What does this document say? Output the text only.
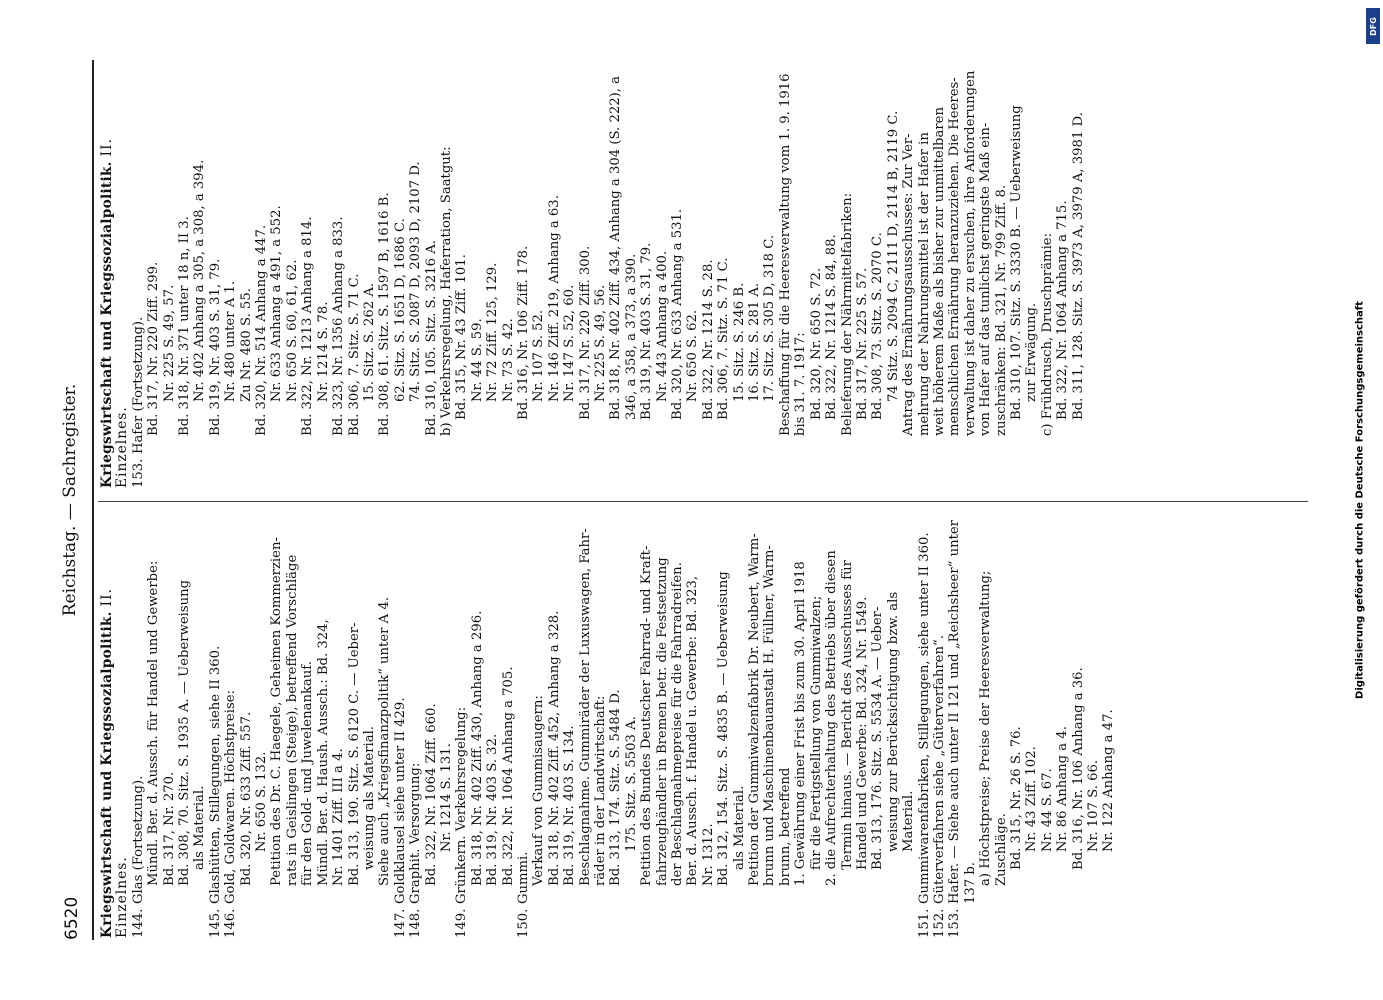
6520
Reichstag. — Sachregister.
Kriegswirtschaft und Kriegssozialpolitik. II. Einzelnes. 144.
Glas (Fortsetzung). Mündl. Ber. d. Aussch. für Handel und Gewerbe: Bd. 317, Nr. 270. Bd. 308, 70. Sitz. S. 1935 A. — Ueberweisung als Material.
145.
Glashütten, Stillegungen, siehe II 360.
146.
Gold, Goldwaren. Höchstpreise: Bd. 320, Nr. 633 Ziff. 557. Nr. 650 S. 132. Petition des Dr. C. Haegele, Geheimen Kommerzien- rats in Geislingen (Steige), betreffend Vorschläge für den Gold- und Juwelenankauf. Mündl. Ber. d. Haush. Aussch.: Bd. 324, Nr. 1401 Ziff. III a 4. Bd. 313, 190. Sitz. S. 6120 C. — Ueber- weisung als Material. Siehe auch „Kriegsfinanzpolitik“ unter A 4.
147.
Goldklausel siehe unter II 429.
148.
Graphit. Versorgung: Bd. 322, Nr. 1064 Ziff. 660. Nr. 1214 S. 131.
149.
Grünkern. Verkehrsregelung: Bd. 318, Nr. 402 Ziff. 430, Anhang a 296. Bd. 319, Nr. 403 S. 32. Bd. 322, Nr. 1064 Anhang a 705.
150.
Gummi. Verkauf von Gummisaugern: Bd. 318, Nr. 402 Ziff. 452, Anhang a 328. Bd. 319, Nr. 403 S. 134. Beschlagnahme. Gummiräder der Luxuswagen, Fahr- räder in der Landwirtschaft: Bd. 313, 174. Sitz. S. 5484 D. 175. Sitz. S. 5503 A. Petition des Bundes Deutscher Fahrrad- und Kraft- fahrzeughändler in Bremen betr. die Festsetzung der Beschlagnahmepreise für die Fahrradreifen. Ber. d. Aussch. f. Handel u. Gewerbe: Bd. 323, Nr. 1312. Bd. 312, 154. Sitz. S. 4835 B. — Ueberweisung als Material. Petition der Gummiwalzenfabrik Dr. Neubert, Warm- brunn und Maschinenbauanstalt H. Füllner, Warm- brunn, betreffend 1. Gewährung einer Frist bis zum 30. April 1918 für die Fertigstellung von Gummiwalzen; 2. die Aufrechterhaltung des Betriebs über diesen Termin hinaus. — Bericht des Ausschusses für Handel und Gewerbe: Bd. 324, Nr. 1549. Bd. 313, 176. Sitz. S. 5534 A. — Ueber- weisung zur Berücksichtigung bzw. als Material.
151.
Gummiwarenfabriken, Stillegungen, siehe unter II 360.
152.
Güterverfahren siehe „Güterverfahren“.
153.
Hafer. — Siehe auch unter II 121 und „Reichsheer“ unter 137 b. a) Höchstpreise; Preise der Heeresverwaltung; Zuschläge. Bd. 315, Nr. 26 S. 76. Nr. 43 Ziff. 102. Nr. 44 S. 67. Nr. 86 Anhang a 4. Bd. 316, Nr. 106 Anhang a 36. Nr. 107 S. 66. Nr. 122 Anhang a 47.
Kriegswirtschaft und Kriegssozialpolitik. II. Einzelnes. 153.
Hafer (Fortsetzung). Bd. 317, Nr. 220 Ziff. 299. Nr. 225 S. 49, 57. Bd. 318, Nr. 371 unter 18 n, II 3. Nr. 402 Anhang a 305, a 308, a 394. Bd. 319, Nr. 403 S. 31, 79. Nr. 480 unter A 1. Zu Nr. 480 S. 55. Bd. 320, Nr. 514 Anhang a 447. Nr. 633 Anhang a 491, a 552. Nr. 650 S. 60, 61, 62. Bd. 322, Nr. 1213 Anhang a 814. Nr. 1214 S. 78. Bd. 323, Nr. 1356 Anhang a 833. Bd. 306, 7. Sitz. S. 71 C. 15. Sitz. S. 262 A. Bd. 308, 61. Sitz. S. 1597 B, 1616 B. 62. Sitz. S. 1651 D, 1686 C. 74. Sitz. S. 2087 D, 2093 D, 2107 D. Bd. 310, 105. Sitz. S. 3216 A. b) Verkehrsregelung, Haferration, Saatgut: Bd. 315, Nr. 43 Ziff. 101. Nr. 44 S. 59. Nr. 72 Ziff. 125, 129. Nr. 73 S. 42. Bd. 316, Nr. 106 Ziff. 178. Nr. 107 S. 52. Nr. 146 Ziff. 219, Anhang a 63. Nr. 147 S. 52, 60. Bd. 317, Nr. 220 Ziff. 300. Nr. 225 S. 49, 56. Bd. 318, Nr. 402 Ziff. 434, Anhang a 304 (S. 222), a 346, a 358, a 373, a 390. Bd. 319, Nr. 403 S. 31, 79. Nr. 443 Anhang a 400. Bd. 320, Nr. 633 Anhang a 531. Nr. 650 S. 62. Bd. 322, Nr. 1214 S. 28. Bd. 306, 7. Sitz. S. 71 C. 15. Sitz. S. 246 B. 16. Sitz. S. 281 A. 17. Sitz. S. 305 D, 318 C. Beschaffung für die Heeresverwaltung vom 1. 9. 1916 bis 31. 7. 1917: Bd. 320, Nr. 650 S. 72. Bd. 322, Nr. 1214 S. 84, 88. Belieferung der Nährmittelfabriken: Bd. 317, Nr. 225 S. 57. Bd. 308, 73. Sitz. S. 2070 C. 74 Sitz. S. 2094 C, 2111 D, 2114 B, 2119 C. Antrag des Ernährungsausschusses: Zur Ver- mehrung der Nahrungsmittel ist der Hafer in weit höherem Maße als bisher zur unmittelbaren menschlichen Ernährung heranzuziehen. Die Heeres- verwaltung ist daher zu ersuchen, ihre Anforderungen von Hafer auf das tunlichst geringste Maß ein- zuschränken: Bd. 321, Nr. 799 Ziff. 8. Bd. 310, 107. Sitz. S. 3330 B. — Ueberweisung zur Erwägung. c) Frühdrusch, Druschprämie: Bd. 322, Nr. 1064 Anhang a 715. Bd. 311, 128. Sitz. S. 3973 A, 3979 A, 3981 D.
DFG
Digitalisierung gefördert durch die Deutsche Forschungsgemeinschaft
